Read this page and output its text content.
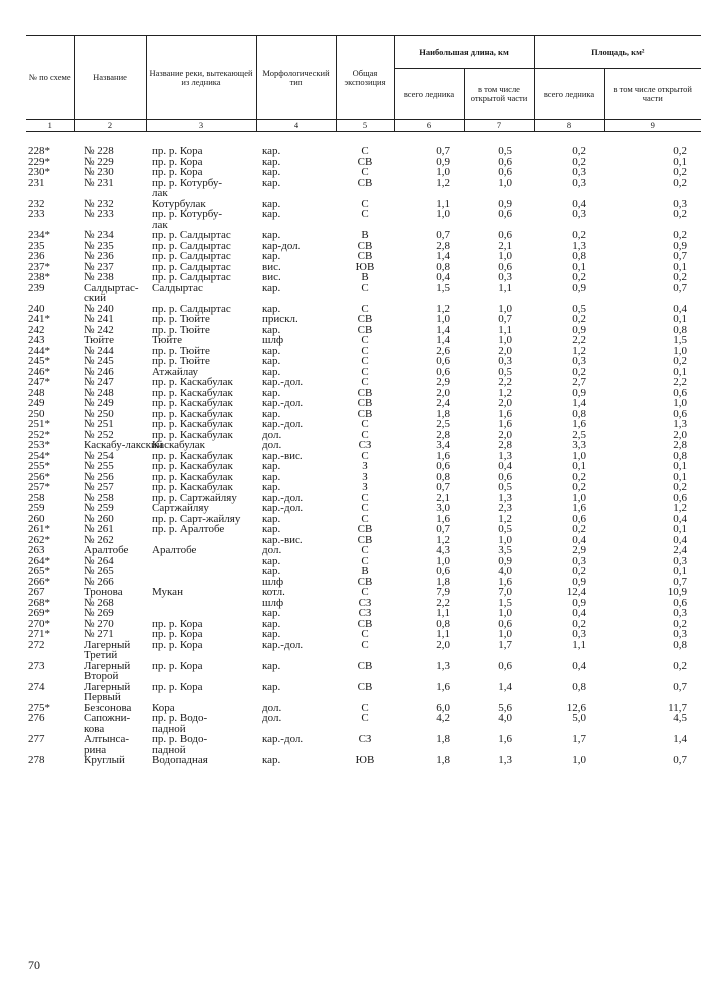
№ по схеме	Название	Название реки, вытекающей из ледника	Морфологический тип	Общая экспозиция	Наибольшая длина, км		Площадь, км²	
					всего ледника	в том числе открытой части	всего ледника	в том числе открытой части
1	2	3	4	5	6	7	8	9
228*	№ 228	пр. р. Кора	кар.	С	0,7	0,5	0,2	0,2
229*	№ 229	пр. р. Кора	кар.	СВ	0,9	0,6	0,2	0,1
230*	№ 230	пр. р. Кора	кар.	С	1,0	0,6	0,3	0,2
231	№ 231	пр. р. Котурбу-	кар.	СВ	1,2	1,0	0,3	0,2
		лак						
232	№ 232	Котурбулак	кар.	С	1,1	0,9	0,4	0,3
233	№ 233	пр. р. Котурбу-	кар.	С	1,0	0,6	0,3	0,2
		лак						
234*	№ 234	пр. р. Салдыртас	кар.	В	0,7	0,6	0,2	0,2
235	№ 235	пр. р. Салдыртас	кар-дол.	СВ	2,8	2,1	1,3	0,9
236	№ 236	пр. р. Салдыртас	кар.	СВ	1,4	1,0	0,8	0,7
237*	№ 237	пр. р. Салдыртас	вис.	ЮВ	0,8	0,6	0,1	0,1
238*	№ 238	пр. р. Салдыртас	вис.	В	0,4	0,3	0,2	0,2
239	Салдыртас-	Салдыртас	кар.	С	1,5	1,1	0,9	0,7
	ский							
240	№ 240	пр. р. Салдыртас	кар.	С	1,2	1,0	0,5	0,4
241*	№ 241	пр. р. Тюйте	прискл.	СВ	1,0	0,7	0,2	0,1
242	№ 242	пр. р. Тюйте	кар.	СВ	1,4	1,1	0,9	0,8
243	Тюйте	Тюйте	шлф	С	1,4	1,0	2,2	1,5
244*	№ 244	пр. р. Тюйте	кар.	С	2,6	2,0	1,2	1,0
245*	№ 245	пр. р. Тюйте	кар.	С	0,6	0,3	0,3	0,2
246*	№ 246	Атжайлау	кар.	С	0,6	0,5	0,2	0,1
247*	№ 247	пр. р. Каскабулак	кар.-дол.	С	2,9	2,2	2,7	2,2

248	№ 248	пр. р. Каскабулак	кар.	СВ	2,0	1,2	0,9	0,6

249	№ 249	пр. р. Каскабулак	кар.-дол.	СВ	2,4	2,0	1,4	1,0

250	№ 250	пр. р. Каскабулак	кар.	СВ	1,8	1,6	0,8	0,6

251*	№ 251	пр. р. Каскабулак	кар.-дол.	С	2,5	1,6	1,6	1,3

252*	№ 252	пр. р. Каскабулак	дол.	С	2,8	2,0	2,5	2,0

253*	Каскабу-лакский	Каскабулак	дол.	СЗ	3,4	2,8	3,3	2,8

254*	№ 254	пр. р. Каскабулак	кар.-вис.	С	1,6	1,3	1,0	0,8

255*	№ 255	пр. р. Каскабулак	кар.	З	0,6	0,4	0,1	0,1

256*	№ 256	пр. р. Каскабулак	кар.	З	0,8	0,6	0,2	0,1

257*	№ 257	пр. р. Каскабулак	кар.	З	0,7	0,5	0,2	0,2

258	№ 258	пр. р. Сартжайляу	кар.-дол.	С	2,1	1,3	1,0	0,6

259	№ 259	Сартжайляу	кар.-дол.	С	3,0	2,3	1,6	1,2
260	№ 260	пр. р. Сарт-жайляу	кар.	С	1,6	1,2	0,6	0,4

261*	№ 261	пр. р. Аралтобе	кар.	СВ	0,7	0,5	0,2	0,1
262*	№ 262		кар.-вис.	СВ	1,2	1,0	0,4	0,4
263	Аралтобе	Аралтобе	дол.	С	4,3	3,5	2,9	2,4
264*	№ 264		кар.	С	1,0	0,9	0,3	0,3
265*	№ 265		кар.	В	0,6	4,0	0,2	0,1
266*	№ 266		шлф	СВ	1,8	1,6	0,9	0,7
267	Тронова	Мукан	котл.	С	7,9	7,0	12,4	10,9
268*	№ 268		шлф	СЗ	2,2	1,5	0,9	0,6
269*	№ 269		кар.	СЗ	1,1	1,0	0,4	0,3
270*	№ 270	пр. р. Кора	кар.	СВ	0,8	0,6	0,2	0,2
271*	№ 271	пр. р. Кора	кар.	С	1,1	1,0	0,3	0,3
272	Лагерный	пр. р. Кора	кар.-дол.	С	2,0	1,7	1,1	0,8
	Третий							
273	Лагерный	пр. р. Кора	кар.	СВ	1,3	0,6	0,4	0,2

	Второй							
274	Лагерный	пр. р. Кора	кар.	СВ	1,6	1,4	0,8	0,7
	Первый							
275*	Безсонова	Кора	дол.	С	6,0	5,6	12,6	11,7

276	Сапожни-	пр. р. Водо-	дол.	С	4,2	4,0	5,0	4,5
	кова	падной						
277	Алтынса-	пр. р. Водо-	кар.-дол.	СЗ	1,8	1,6	1,7	1,4
	рина	падной						
278	Круглый	Водопадная	кар.	ЮВ	1,8	1,3	1,0	0,7
70
